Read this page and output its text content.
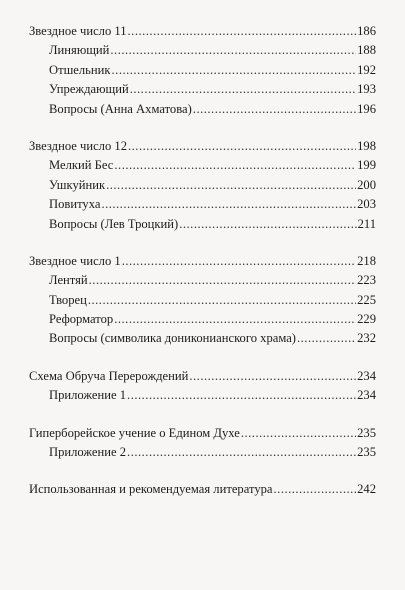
Звездное число 11 .....	186
Линяющий .....	188
Отшельник .....	192
Упреждающий .....	193
Вопросы (Анна Ахматова) .....	196
Звездное число 12 .....	198
Мелкий Бес .....	199
Ушкуйник .....	200
Повитуха .....	203
Вопросы (Лев Троцкий) .....	211
Звездное число 1 .....	218
Лентяй .....	223
Творец .....	225
Реформатор .....	229
Вопросы (символика дониконианского храма) .....	232
Схема Обруча Перерождений .....	234
Приложение 1 .....	234
Гиперборейское учение о Едином Духе .....	235
Приложение 2 .....	235
Использованная и рекомендуемая литература .....	242
